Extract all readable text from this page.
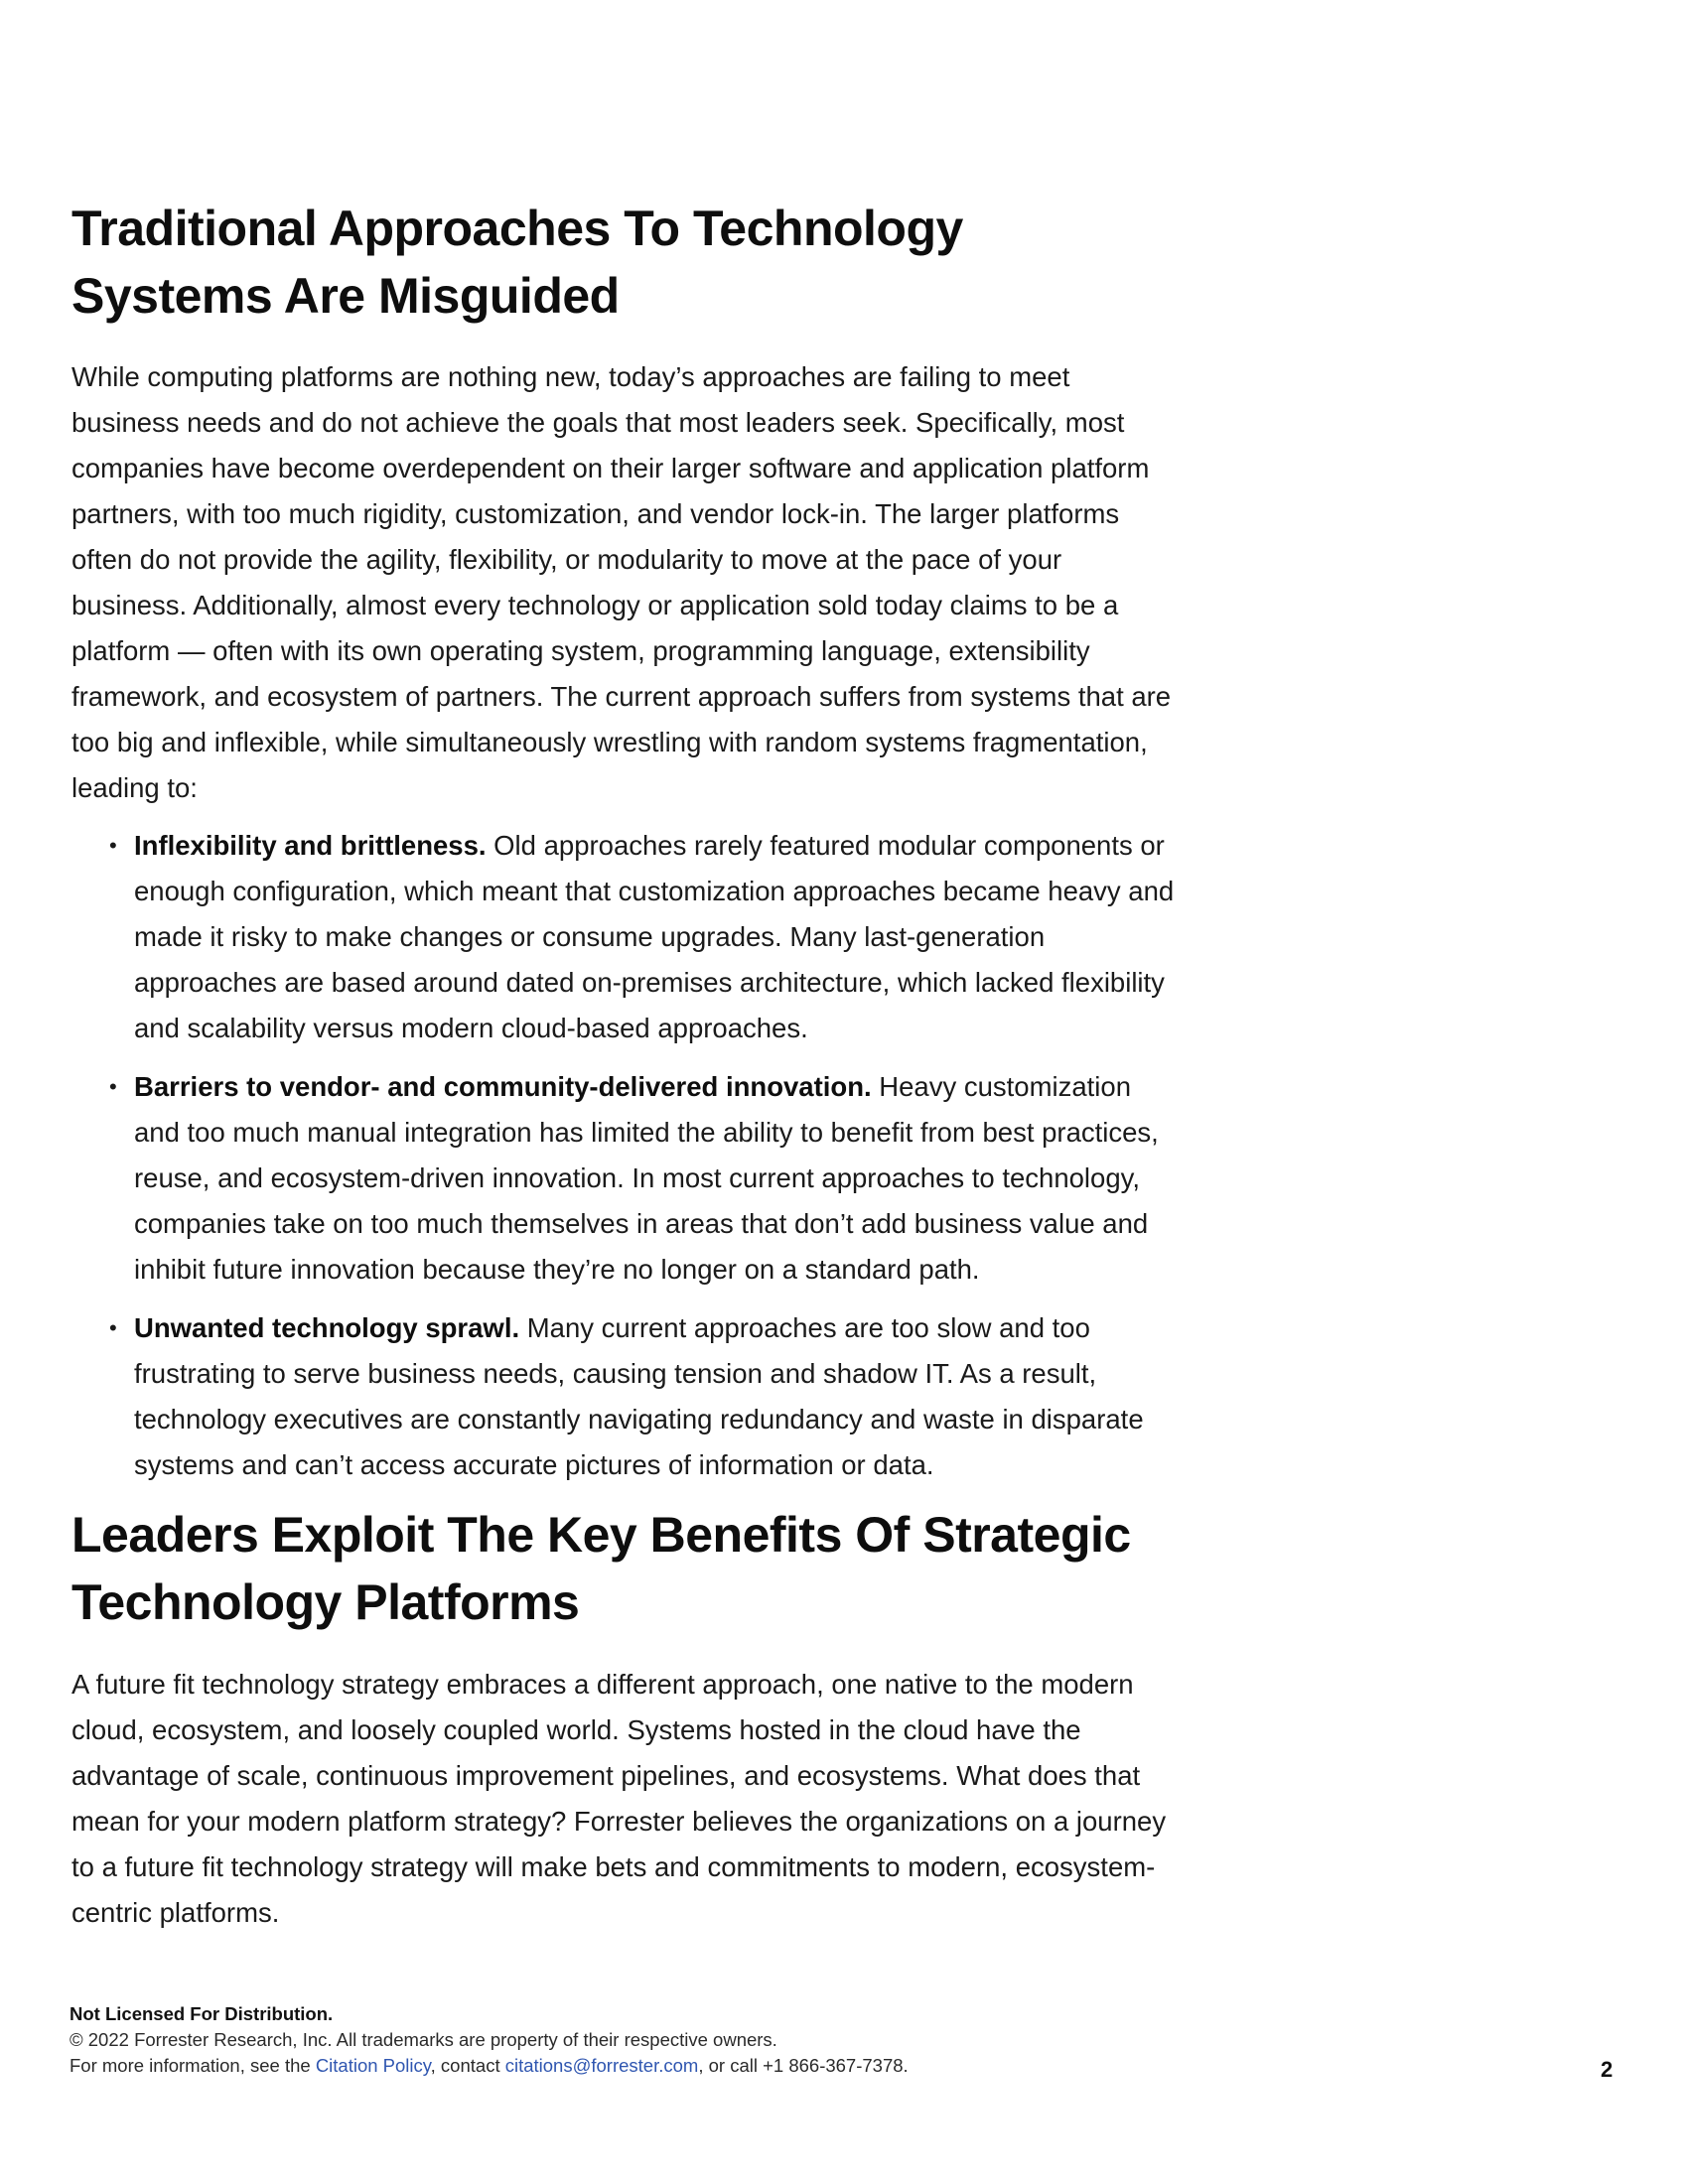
Traditional Approaches To Technology
Systems Are Misguided

While computing platforms are nothing new, today’s approaches are failing to meet business needs and do not achieve the goals that most leaders seek. Specifically, most companies have become overdependent on their larger software and application platform partners, with too much rigidity, customization, and vendor lock-in. The larger platforms often do not provide the agility, flexibility, or modularity to move at the pace of your business. Additionally, almost every technology or application sold today claims to be a platform — often with its own operating system, programming language, extensibility framework, and ecosystem of partners. The current approach suffers from systems that are too big and inflexible, while simultaneously wrestling with random systems fragmentation, leading to:

• Inflexibility and brittleness. Old approaches rarely featured modular components or enough configuration, which meant that customization approaches became heavy and made it risky to make changes or consume upgrades. Many last-generation approaches are based around dated on-premises architecture, which lacked flexibility and scalability versus modern cloud-based approaches.
• Barriers to vendor- and community-delivered innovation. Heavy customization and too much manual integration has limited the ability to benefit from best practices, reuse, and ecosystem-driven innovation. In most current approaches to technology, companies take on too much themselves in areas that don’t add business value and inhibit future innovation because they’re no longer on a standard path.
• Unwanted technology sprawl. Many current approaches are too slow and too frustrating to serve business needs, causing tension and shadow IT. As a result, technology executives are constantly navigating redundancy and waste in disparate systems and can’t access accurate pictures of information or data.
Leaders Exploit The Key Benefits Of Strategic
Technology Platforms

A future fit technology strategy embraces a different approach, one native to the modern cloud, ecosystem, and loosely coupled world. Systems hosted in the cloud have the advantage of scale, continuous improvement pipelines, and ecosystems. What does that mean for your modern platform strategy? Forrester believes the organizations on a journey to a future fit technology strategy will make bets and commitments to modern, ecosystem-centric platforms.

Not Licensed For Distribution.
© 2022 Forrester Research, Inc. All trademarks are property of their respective owners.
For more information, see the Citation Policy, contact citations@forrester.com, or call +1 866-367-7378.	2
